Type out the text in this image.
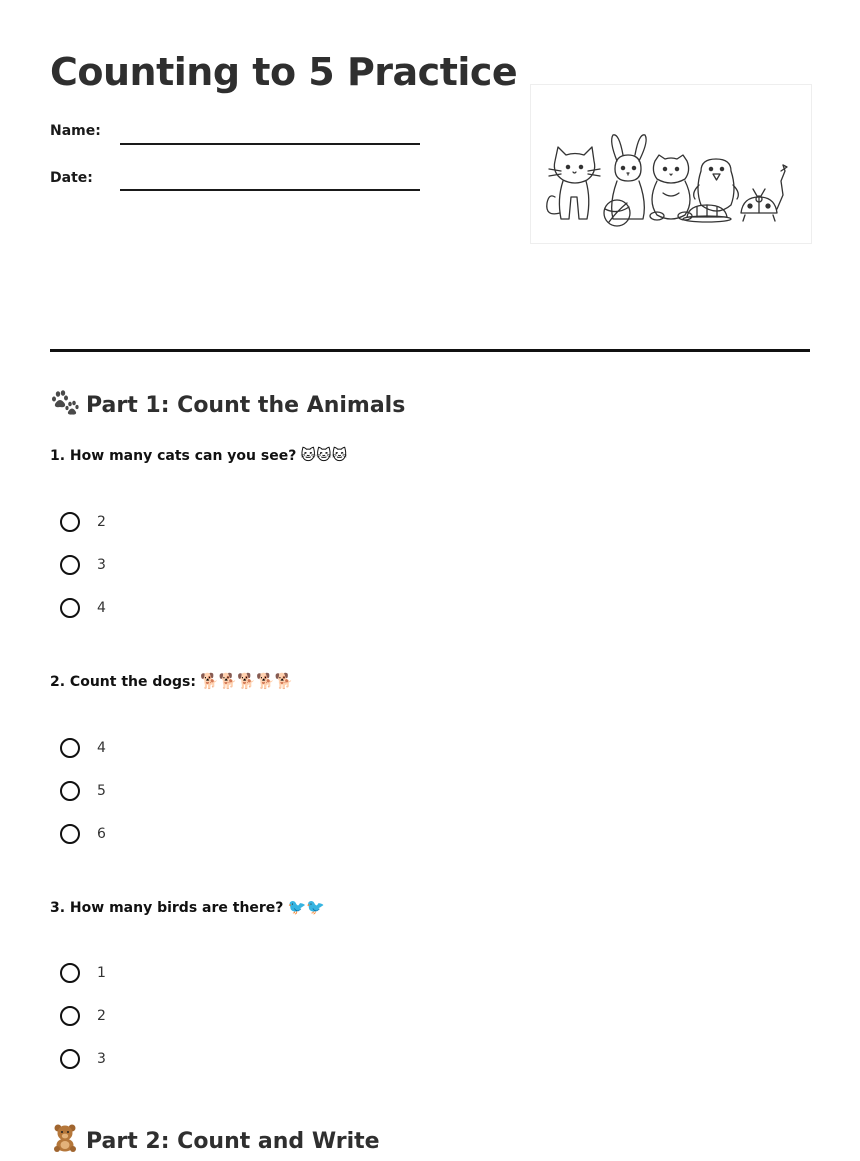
Counting to 5 Practice
Name:
Date:
Part 1: Count the Animals
1. How many cats can you see? 🐱🐱🐱
2
3
4
2. Count the dogs: 🐕🐕🐕🐕🐕
4
5
6
3. How many birds are there? 🐦🐦
1
2
3
Part 2: Count and Write
